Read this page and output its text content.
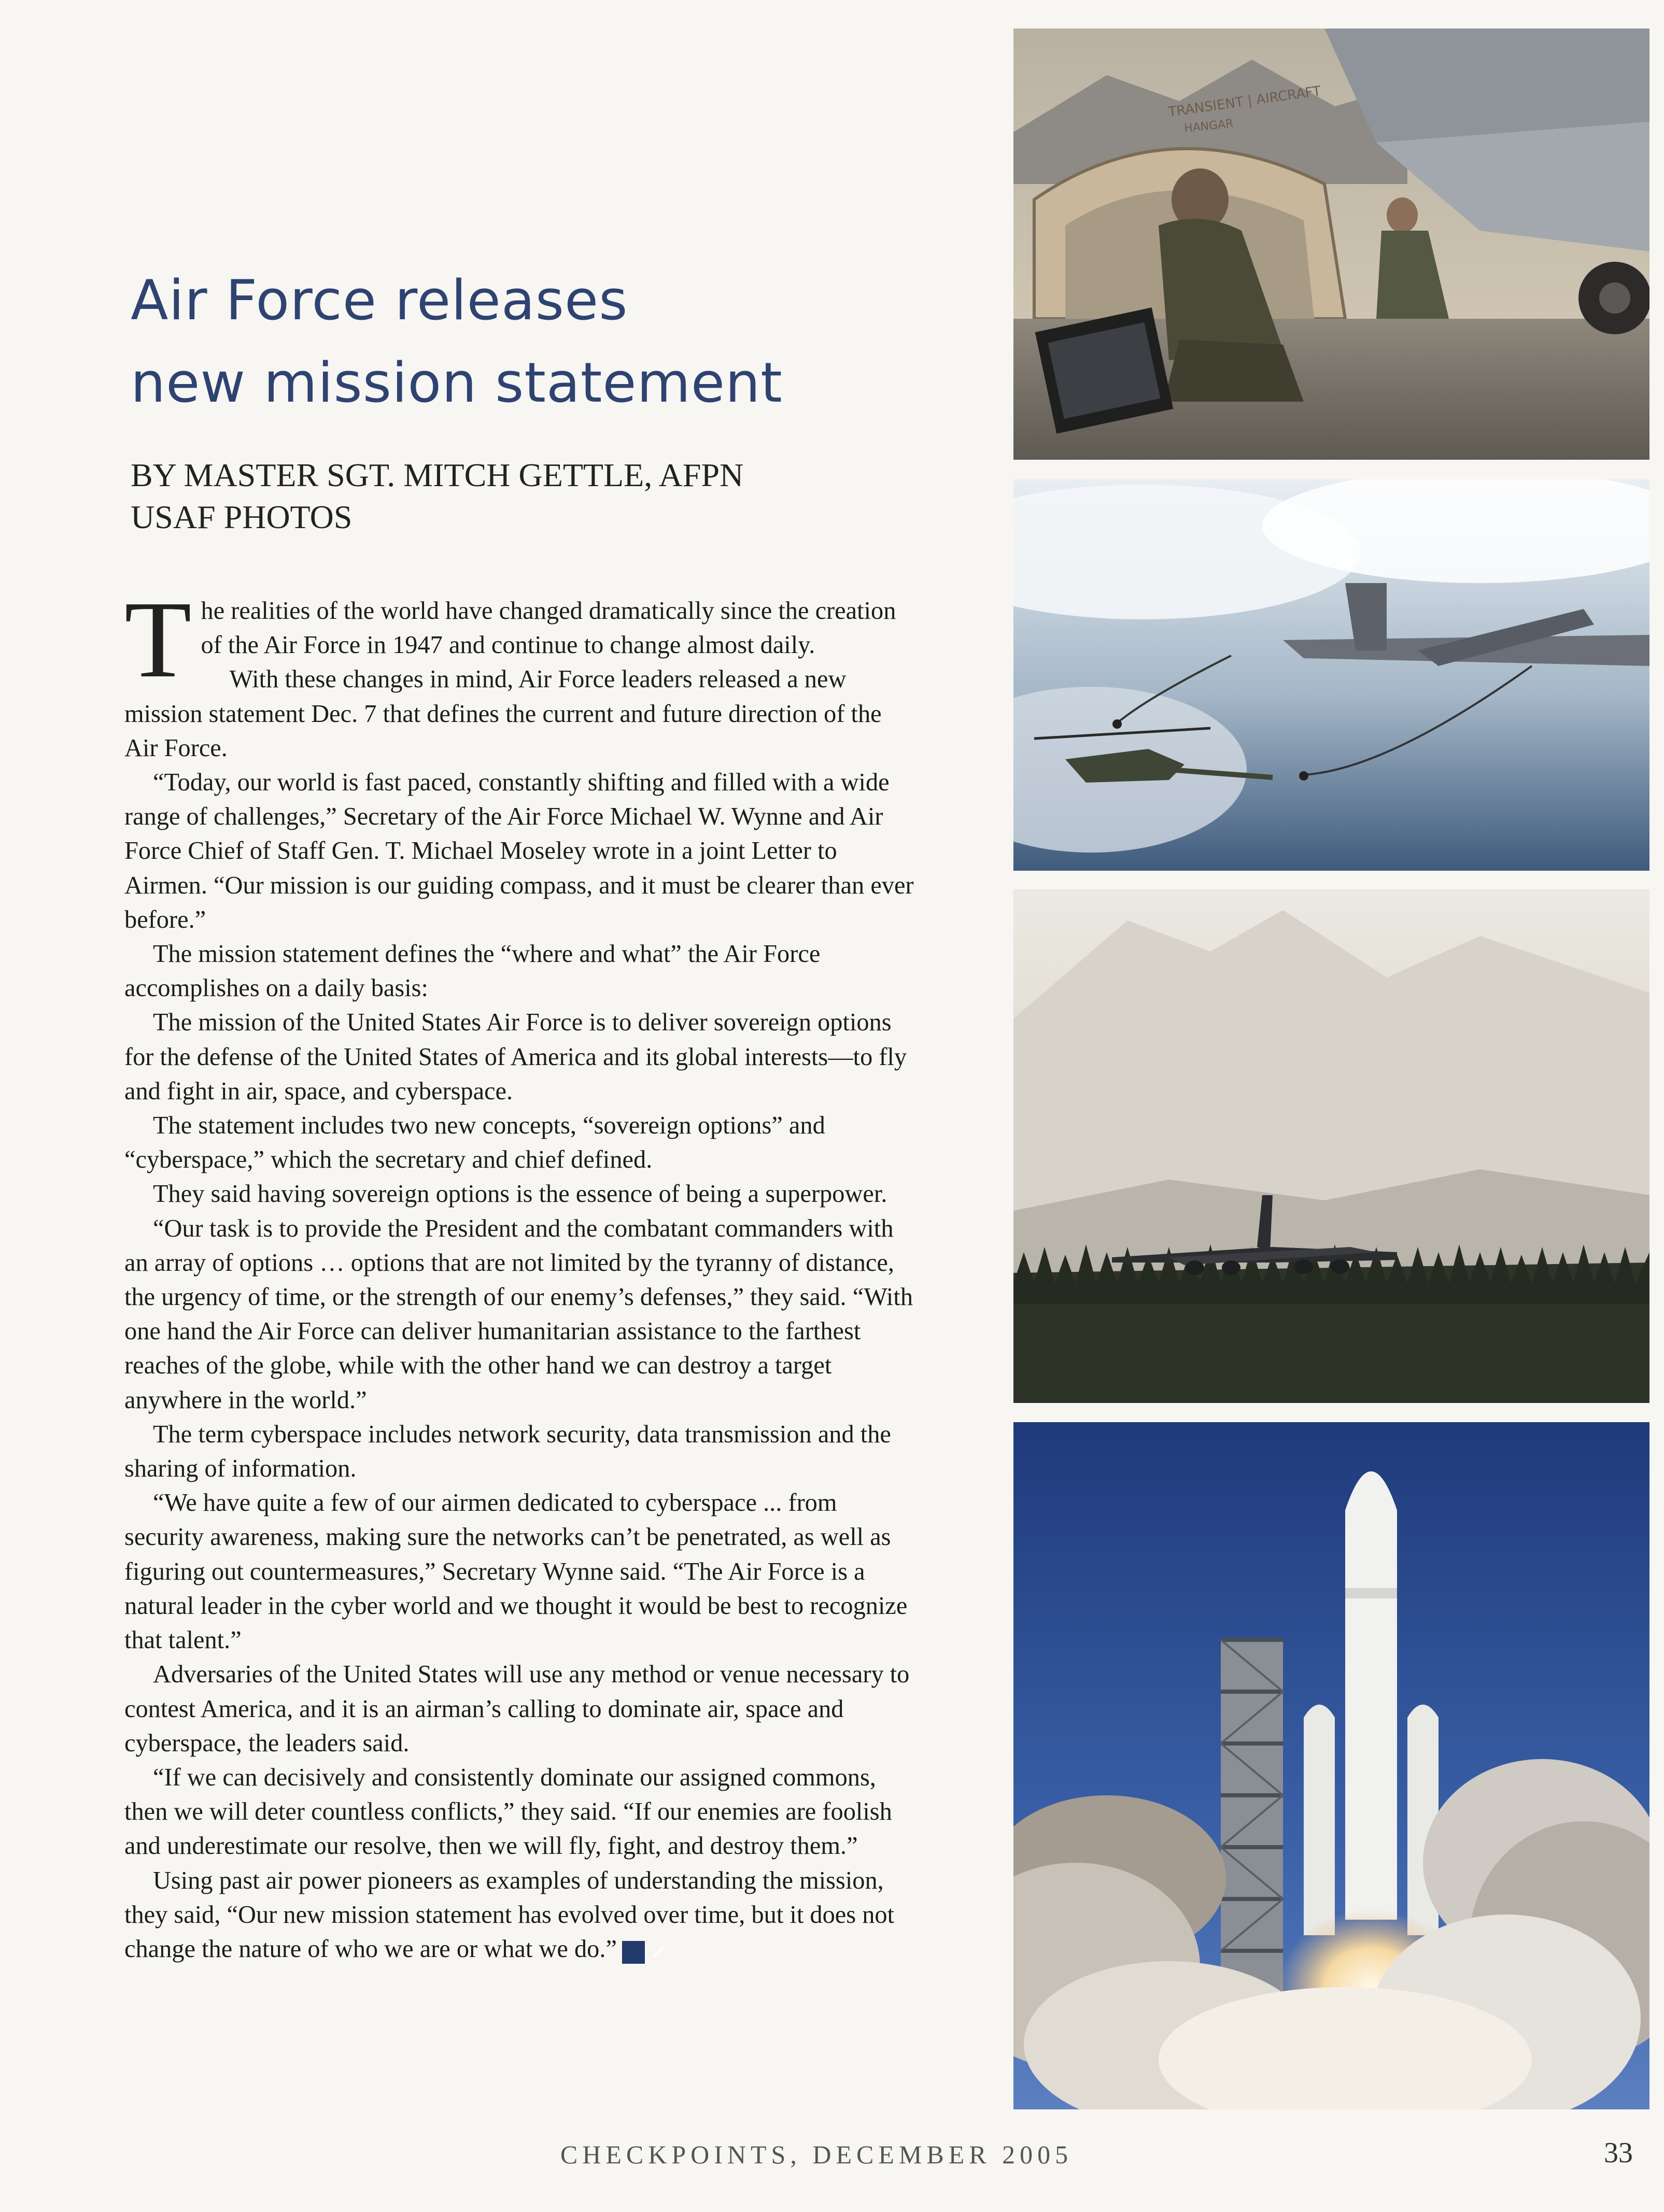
Air Force releases
new mission statement
BY MASTER SGT. MITCH GETTLE, AFPN
USAF PHOTOS

The realities of the world have changed dramatically since the creation of the Air Force in 1947 and continue to change almost daily.

With these changes in mind, Air Force leaders released a new mission statement Dec. 7 that defines the current and future direction of the Air Force.

“Today, our world is fast paced, constantly shifting and filled with a wide range of challenges,” Secretary of the Air Force Michael W. Wynne and Air Force Chief of Staff Gen. T. Michael Moseley wrote in a joint Letter to Airmen. “Our mission is our guiding compass, and it must be clearer than ever before.”

The mission statement defines the “where and what” the Air Force accomplishes on a daily basis:

The mission of the United States Air Force is to deliver sovereign options for the defense of the United States of America and its global interests—to fly and fight in air, space, and cyberspace.

The statement includes two new concepts, “sovereign options” and “cyberspace,” which the secretary and chief defined.

They said having sovereign options is the essence of being a superpower.

“Our task is to provide the President and the combatant commanders with an array of options … options that are not limited by the tyranny of distance, the urgency of time, or the strength of our enemy’s defenses,” they said. “With one hand the Air Force can deliver humanitarian assistance to the farthest reaches of the globe, while with the other hand we can destroy a target anywhere in the world.”

The term cyberspace includes network security, data transmission and the sharing of information.

“We have quite a few of our airmen dedicated to cyberspace ... from security awareness, making sure the networks can’t be penetrated, as well as figuring out countermeasures,” Secretary Wynne said. “The Air Force is a natural leader in the cyber world and we thought it would be best to recognize that talent.”

Adversaries of the United States will use any method or venue necessary to contest America, and it is an airman’s calling to dominate air, space and cyberspace, the leaders said.

“If we can decisively and consistently dominate our assigned commons, then we will deter countless conflicts,” they said. “If our enemies are foolish and underestimate our resolve, then we will fly, fight, and destroy them.”

Using past air power pioneers as examples of understanding the mission, they said, “Our new mission statement has evolved over time, but it does not change the nature of who we are or what we do.” ✓

TRANSIENT | AIRCRAFT
HANGAR
CHECKPOINTS, DECEMBER 2005	33
